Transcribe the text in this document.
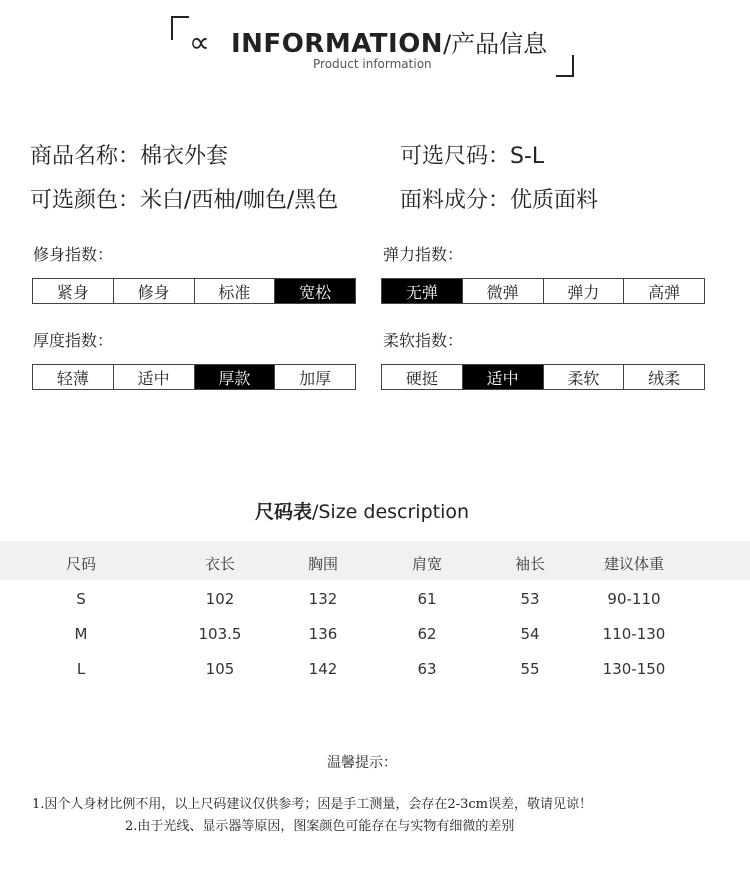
∝ INFORMATION/产品信息
Product information
商品名称：棉衣外套	可选尺码：S-L
可选颜色：米白/西柚/咖色/黑色	面料成分：优质面料
修身指数：
紧身	修身	标准	宽松
弹力指数：
无弹	微弹	弹力	高弹
厚度指数：
轻薄	适中	厚款	加厚
柔软指数：
硬挺	适中	柔软	绒柔
尺码表/Size description
尺码	衣长	胸围	肩宽	袖长	建议体重
S	102	132	61	53	90-110
M	103.5	136	62	54	110-130
L	105	142	63	55	130-150
温馨提示：
1.因个人身材比例不用，以上尺码建议仅供参考；因是手工测量，会存在2-3cm误差，敬请见谅！
2.由于光线、显示器等原因，图案颜色可能存在与实物有细微的差别
